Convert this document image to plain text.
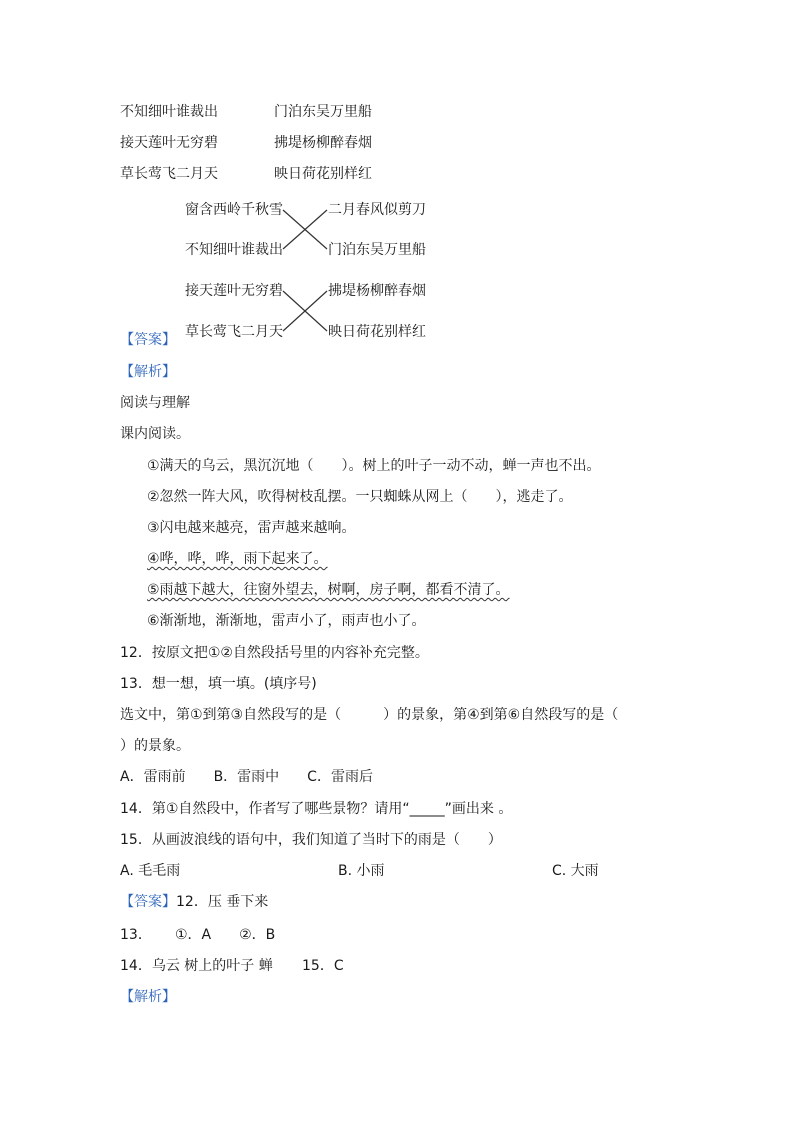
不知细叶谁裁出	门泊东吴万里船
接天莲叶无穷碧	拂堤杨柳醉春烟
草长莺飞二月天	映日荷花别样红
窗含西岭千秋雪
不知细叶谁裁出
接天莲叶无穷碧
草长莺飞二月天
二月春风似剪刀
门泊东吴万里船
拂堤杨柳醉春烟
映日荷花别样红
【答案】
【解析】
阅读与理解
课内阅读。
①满天的乌云，黑沉沉地（　　）。树上的叶子一动不动，蝉一声也不出。
②忽然一阵大风，吹得树枝乱摆。一只蜘蛛从网上（　　），逃走了。
③闪电越来越亮，雷声越来越响。
④哗，哗，哗，雨下起来了。
⑤雨越下越大，往窗外望去，树啊，房子啊，都看不清了。
⑥渐渐地，渐渐地，雷声小了，雨声也小了。
12．按原文把①②自然段括号里的内容补充完整。
13．想一想，填一填。(填序号)
选文中，第①到第③自然段写的是（　　　）的景象，第④到第⑥自然段写的是（
）的景象。
A．雷雨前　　B．雷雨中　　C．雷雨后
14．第①自然段中，作者写了哪些景物？请用“_____”画出来 。
15．从画波浪线的语句中，我们知道了当时下的雨是（　　）
A. 毛毛雨	B. 小雨	C. 大雨
【答案】 12．压 垂下来
13． ①．A　　②．B
14．乌云 树上的叶子 蝉 15．C
【解析】
